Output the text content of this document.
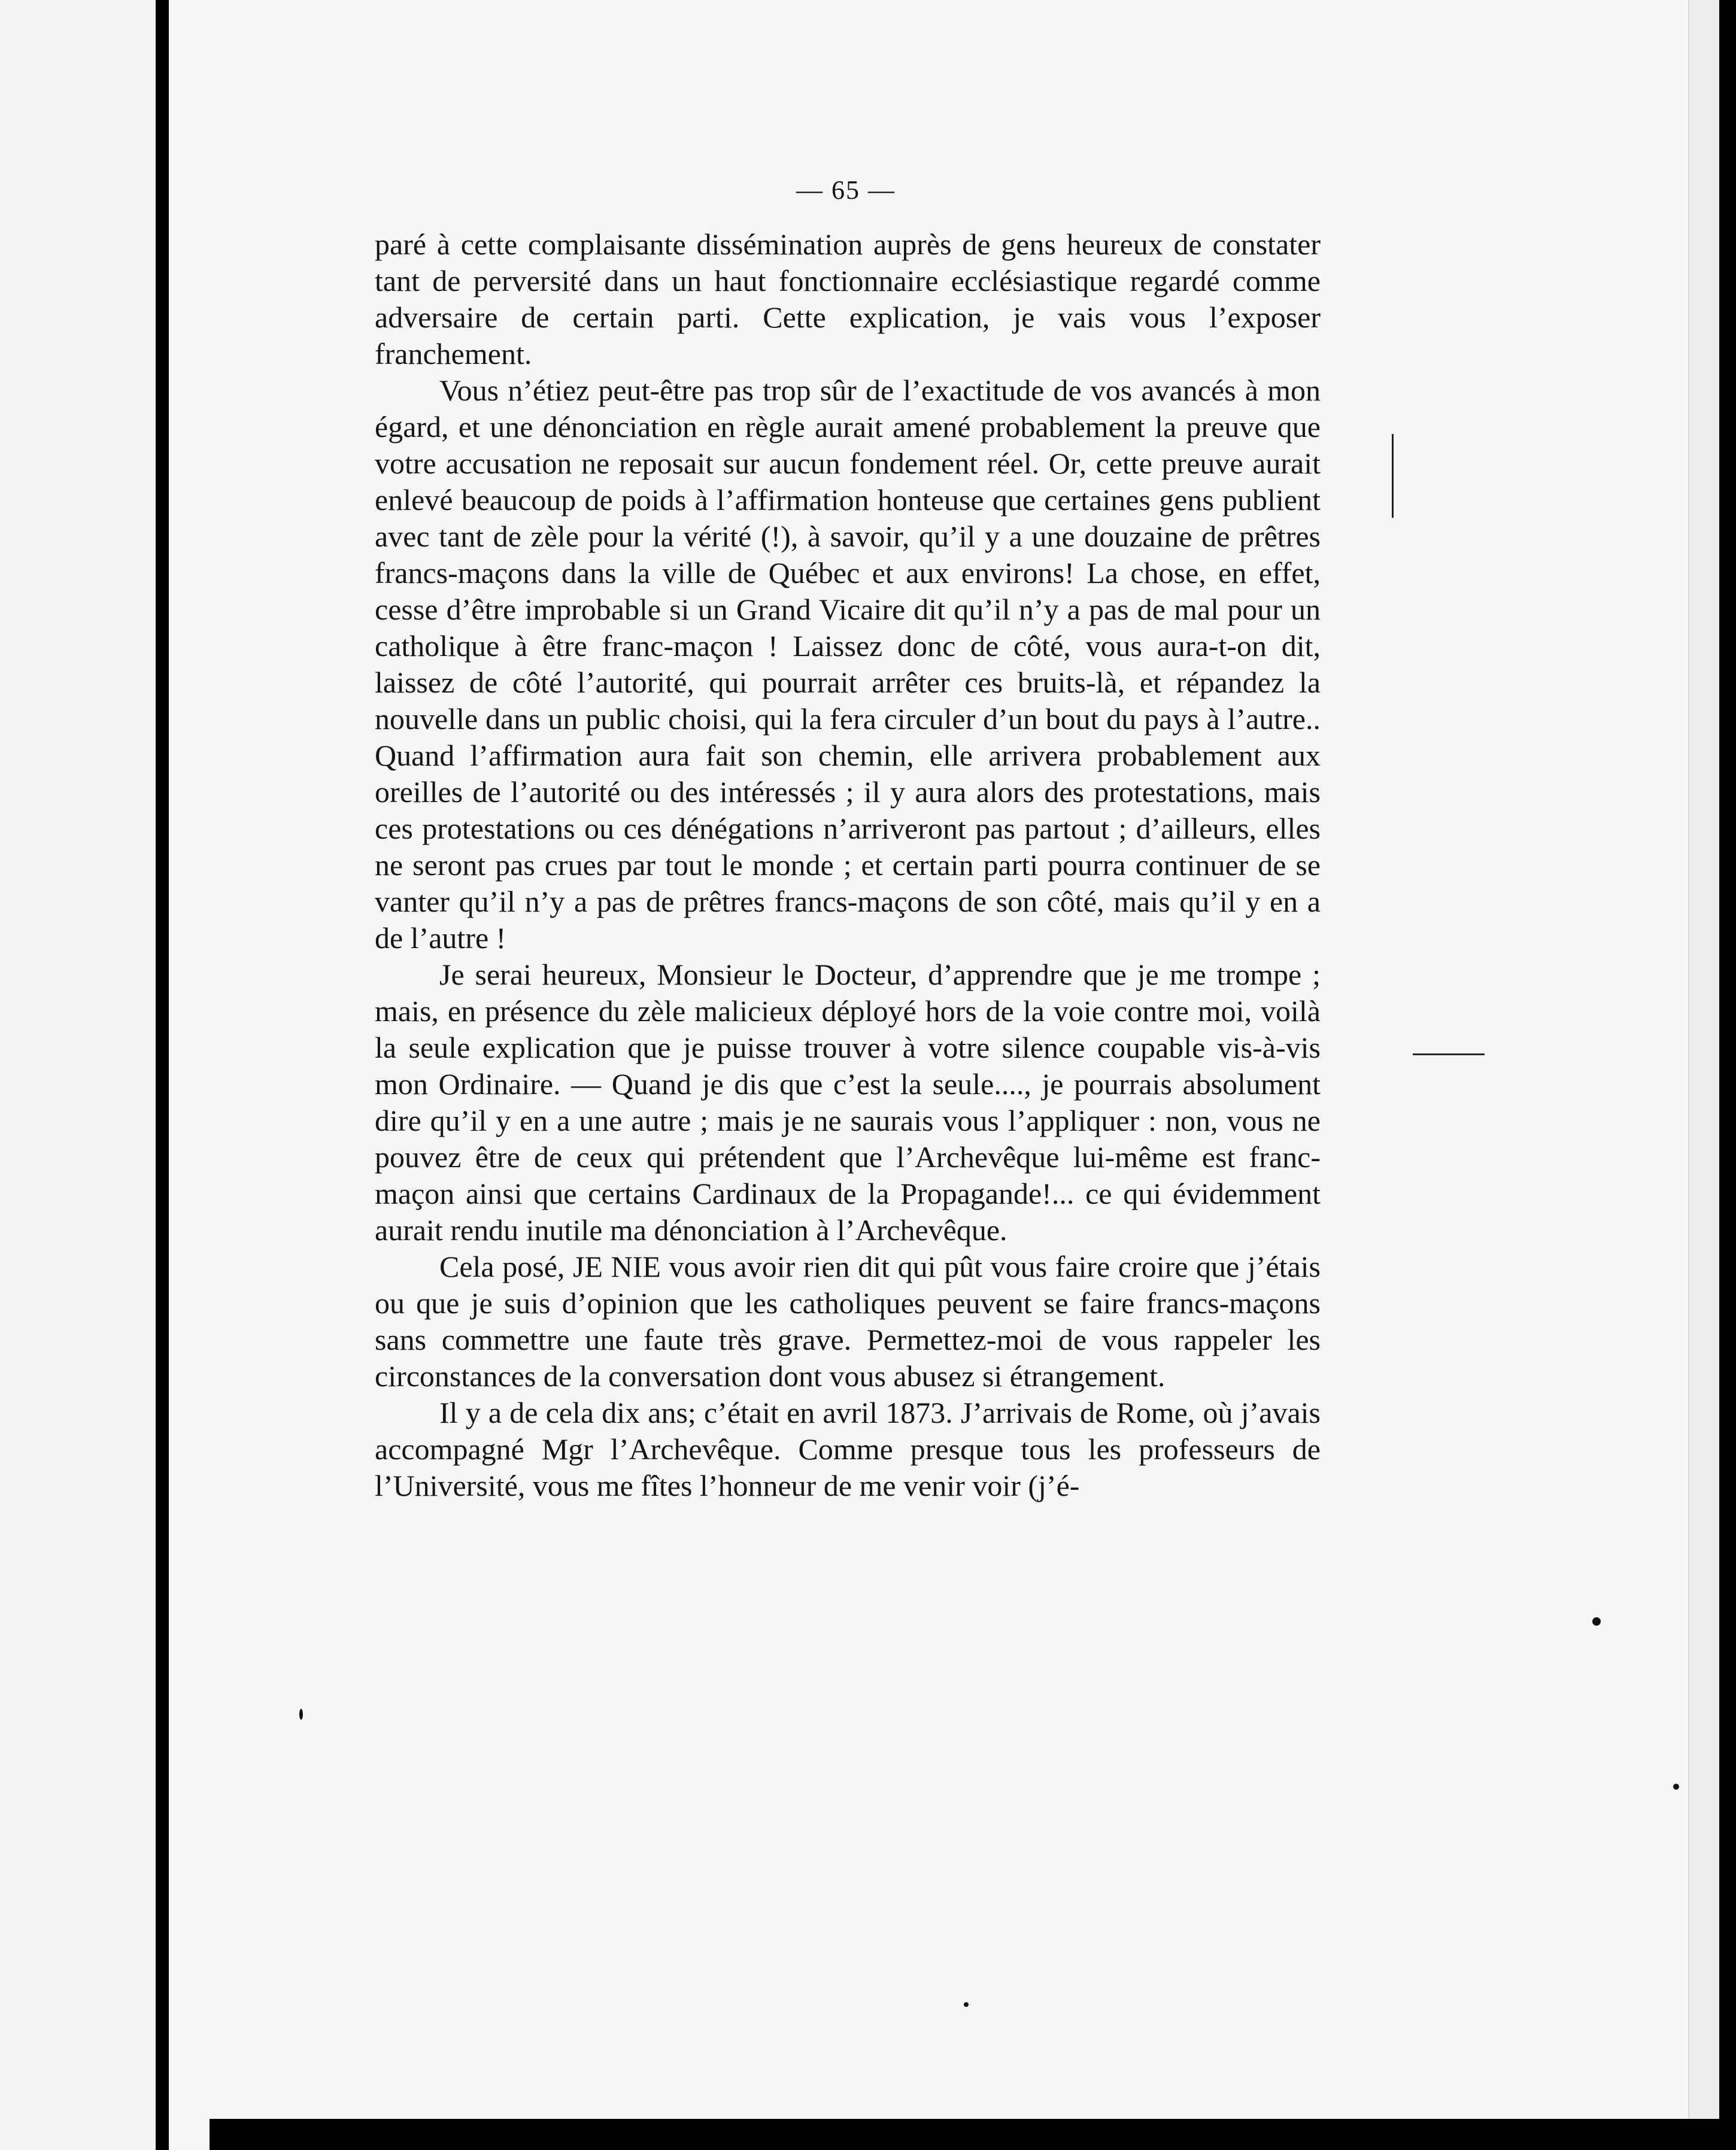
— 65 —

paré à cette complaisante dissémination auprès de gens heureux de constater tant de perversité dans un haut fonctionnaire ecclésiastique regardé comme adversaire de certain parti. Cette explication, je vais vous l’exposer franchement.

Vous n’étiez peut-être pas trop sûr de l’exactitude de vos avancés à mon égard, et une dénonciation en règle aurait amené probablement la preuve que votre accusation ne reposait sur aucun fondement réel. Or, cette preuve aurait enlevé beaucoup de poids à l’affirmation honteuse que certaines gens publient avec tant de zèle pour la vérité (!), à savoir, qu’il y a une douzaine de prêtres francs-maçons dans la ville de Québec et aux environs! La chose, en effet, cesse d’être improbable si un Grand Vicaire dit qu’il n’y a pas de mal pour un catholique à être franc-maçon ! Laissez donc de côté, vous aura-t-on dit, laissez de côté l’autorité, qui pourrait arrêter ces bruits-là, et répandez la nouvelle dans un public choisi, qui la fera circuler d’un bout du pays à l’autre.. Quand l’affirmation aura fait son chemin, elle arrivera probablement aux oreilles de l’autorité ou des intéressés ; il y aura alors des protestations, mais ces protestations ou ces dénégations n’arriveront pas partout ; d’ailleurs, elles ne seront pas crues par tout le monde ; et certain parti pourra continuer de se vanter qu’il n’y a pas de prêtres francs-maçons de son côté, mais qu’il y en a de l’autre !

Je serai heureux, Monsieur le Docteur, d’apprendre que je me trompe ; mais, en présence du zèle malicieux déployé hors de la voie contre moi, voilà la seule explication que je puisse trouver à votre silence coupable vis-à-vis mon Ordinaire. — Quand je dis que c’est la seule...., je pourrais absolument dire qu’il y en a une autre ; mais je ne saurais vous l’appliquer : non, vous ne pouvez être de ceux qui prétendent que l’Archevêque lui-même est franc-maçon ainsi que certains Cardinaux de la Propagande!... ce qui évidemment aurait rendu inutile ma dénonciation à l’Archevêque.

Cela posé, JE NIE vous avoir rien dit qui pût vous faire croire que j’étais ou que je suis d’opinion que les catholiques peuvent se faire francs-maçons sans commettre une faute très grave. Permettez-moi de vous rappeler les circonstances de la conversation dont vous abusez si étrangement.

Il y a de cela dix ans; c’était en avril 1873. J’arrivais de Rome, où j’avais accompagné Mgr l’Archevêque. Comme presque tous les professeurs de l’Université, vous me fîtes l’honneur de me venir voir (j’é-
